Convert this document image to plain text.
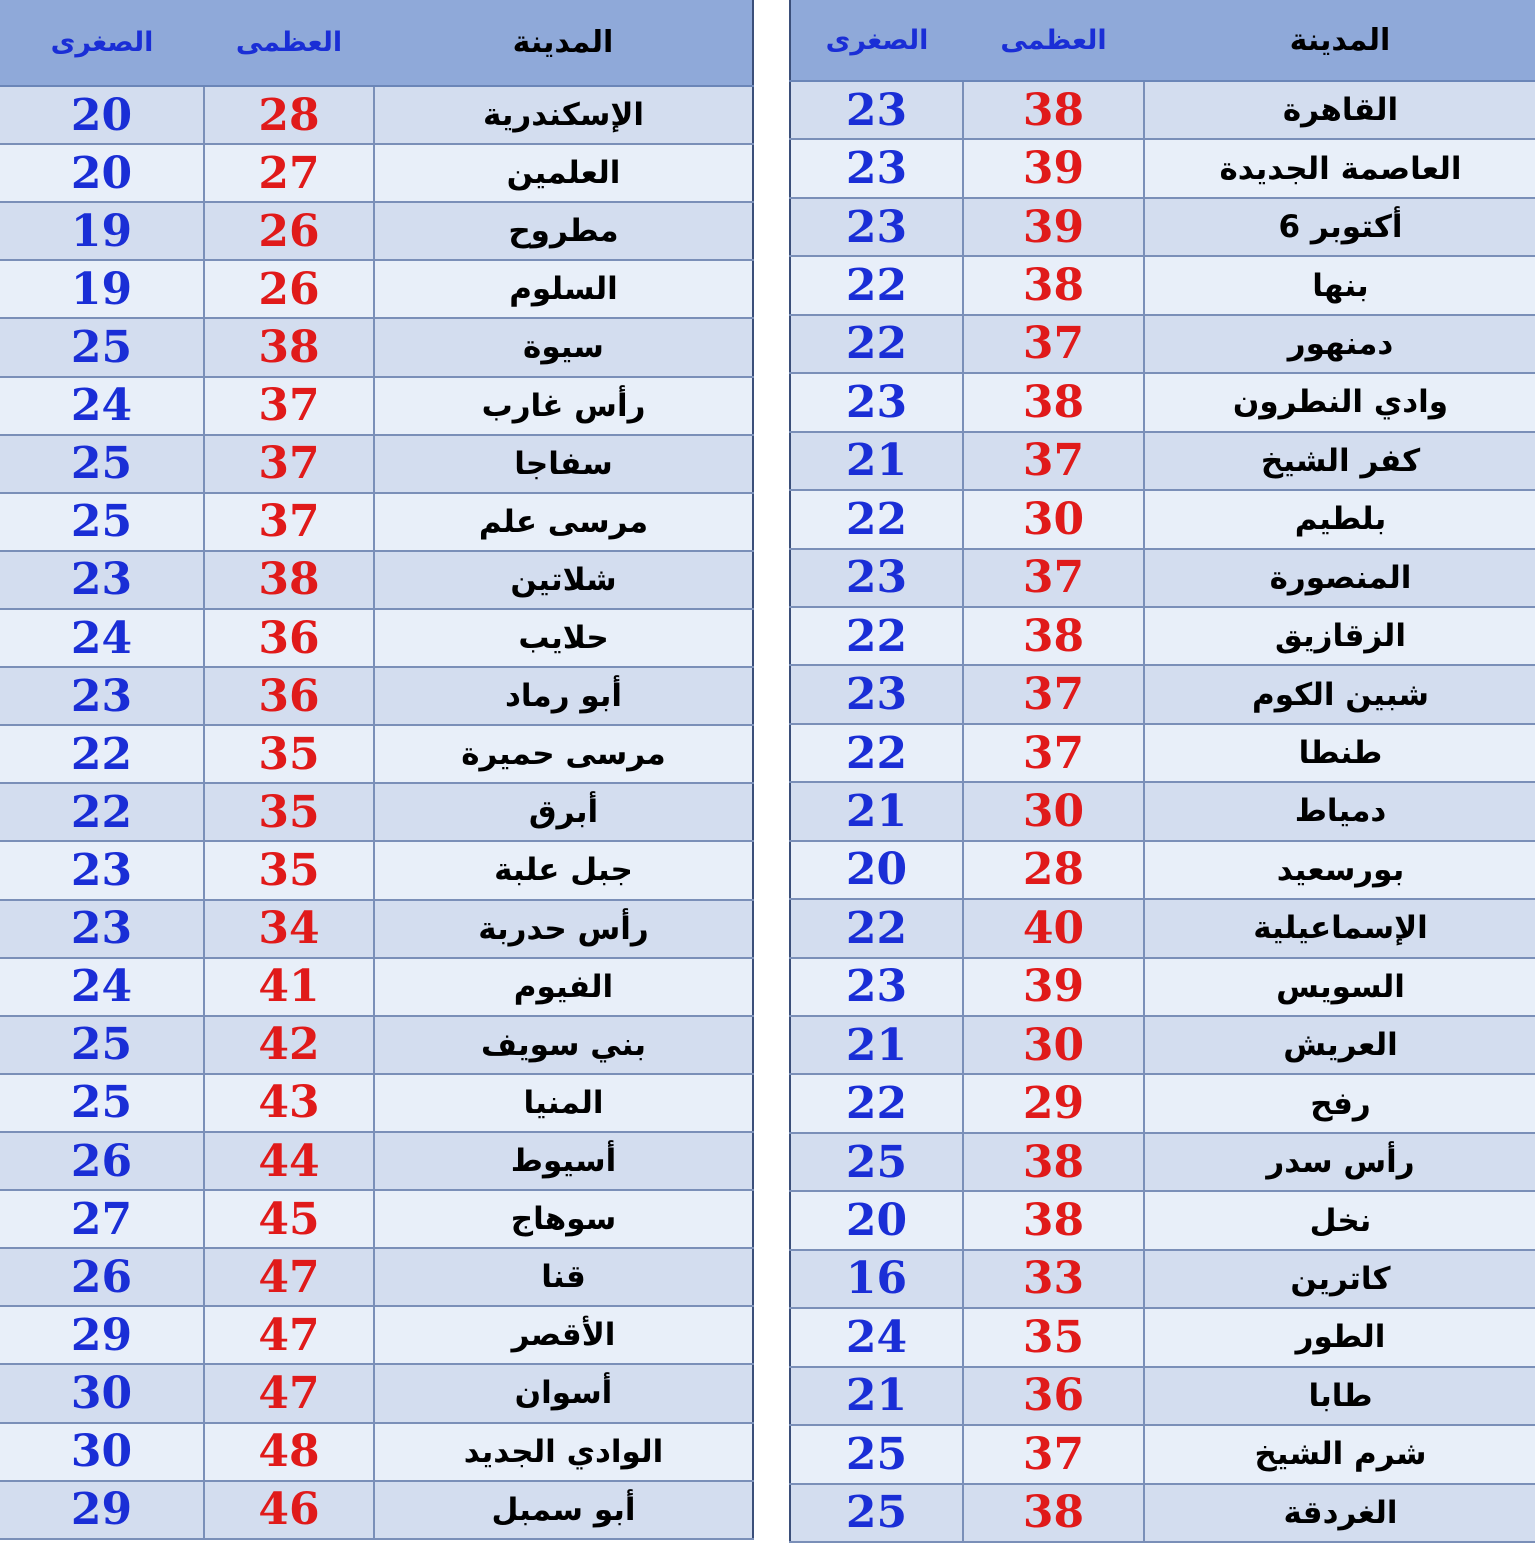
الصغرى	العظمى	المدينة
20	28	الإسكندرية
20	27	العلمين
19	26	مطروح
19	26	السلوم
25	38	سيوة
24	37	رأس غارب
25	37	سفاجا
25	37	مرسى علم
23	38	شلاتين
24	36	حلايب
23	36	أبو رماد
22	35	مرسى حميرة
22	35	أبرق
23	35	جبل علبة
23	34	رأس حدربة
24	41	الفيوم
25	42	بني سويف
25	43	المنيا
26	44	أسيوط
27	45	سوهاج
26	47	قنا
29	47	الأقصر
30	47	أسوان
30	48	الوادي الجديد
29	46	أبو سمبل
الصغرى	العظمى	المدينة
23	38	القاهرة
23	39	العاصمة الجديدة
23	39	6 أكتوبر
22	38	بنها
22	37	دمنهور
23	38	وادي النطرون
21	37	كفر الشيخ
22	30	بلطيم
23	37	المنصورة
22	38	الزقازيق
23	37	شبين الكوم
22	37	طنطا
21	30	دمياط
20	28	بورسعيد
22	40	الإسماعيلية
23	39	السويس
21	30	العريش
22	29	رفح
25	38	رأس سدر
20	38	نخل
16	33	كاترين
24	35	الطور
21	36	طابا
25	37	شرم الشيخ
25	38	الغردقة
